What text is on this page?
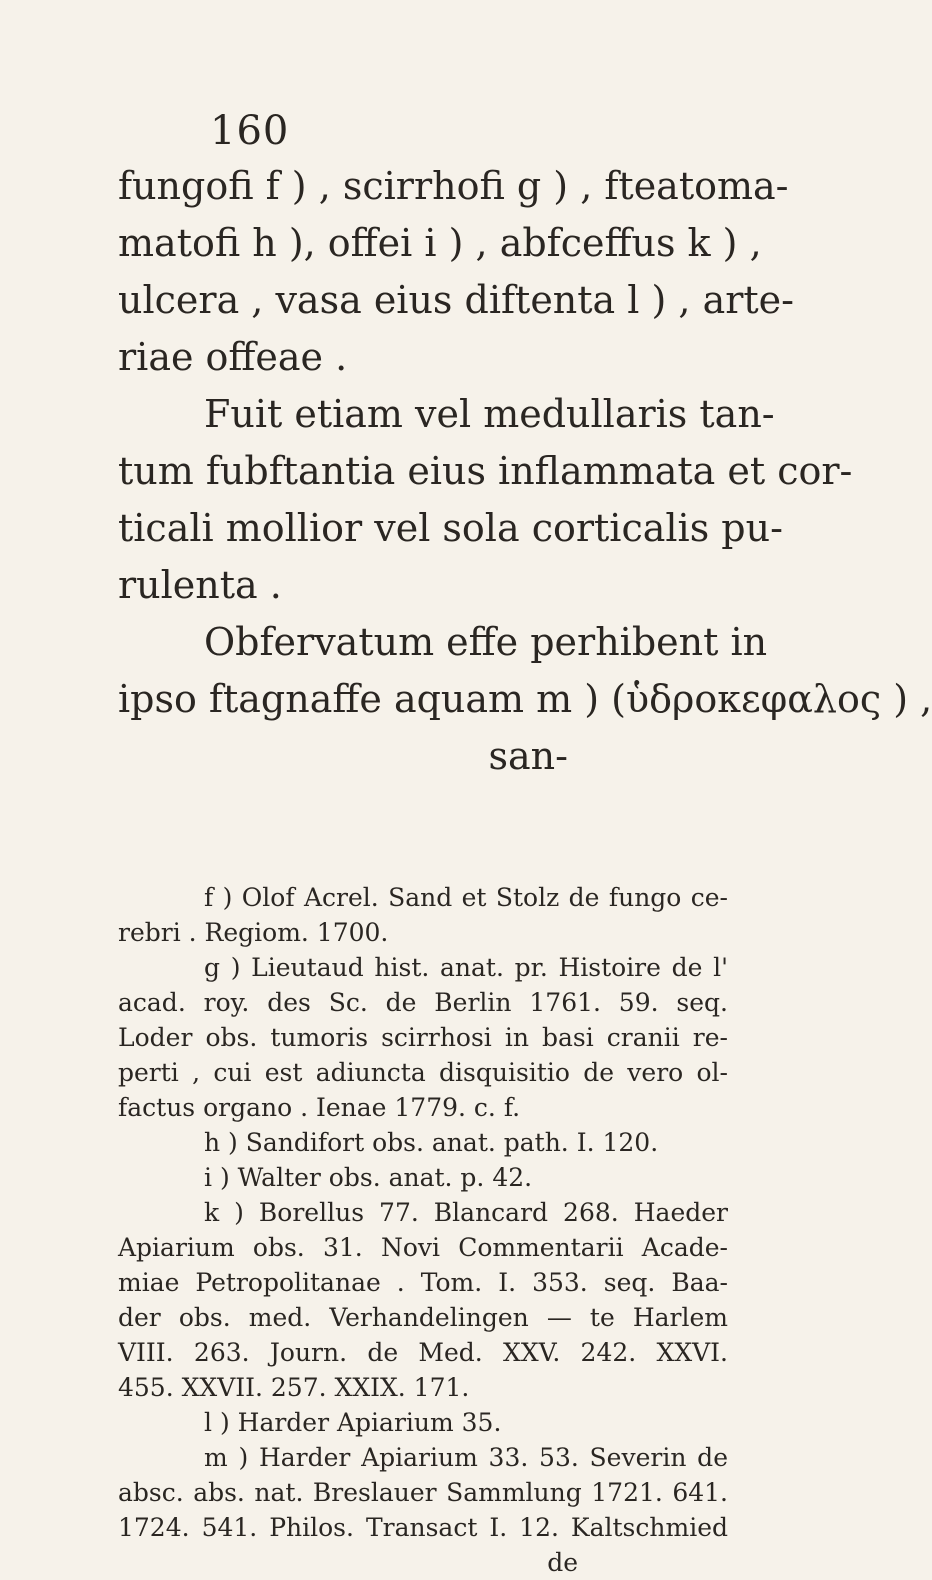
160
fungofi f ) , scirrhofi g ) , fteatoma-
matofi h ), offei i ) , abfceffus k ) ,
ulcera , vasa eius diftenta l ) , arte-
riae offeae .
Fuit etiam vel medullaris tan-
tum fubftantia eius inflammata et cor-
ticali mollior vel sola corticalis pu-
rulenta .
Obfervatum effe perhibent in
ipso ftagnaffe aquam m ) (ὑδροκεφαλος ) ,
san-
f ) Olof Acrel. Sand et Stolz de fungo ce-
rebri . Regiom. 1700.
g ) Lieutaud hist. anat. pr. Histoire de l'
acad. roy. des Sc. de Berlin 1761. 59. seq.
Loder obs. tumoris scirrhosi in basi cranii re-
perti , cui est adiuncta disquisitio de vero ol-
factus organo . Ienae 1779. c. f.
h ) Sandifort obs. anat. path. I. 120.
i ) Walter obs. anat. p. 42.
k ) Borellus 77. Blancard 268. Haeder
Apiarium obs. 31. Novi Commentarii Acade-
miae Petropolitanae . Tom. I. 353. seq. Baa-
der obs. med. Verhandelingen — te Harlem
VIII. 263. Journ. de Med. XXV. 242. XXVI.
455. XXVII. 257. XXIX. 171.
l ) Harder Apiarium 35.
m ) Harder Apiarium 33. 53. Severin de
absc. abs. nat. Breslauer Sammlung 1721. 641.
1724. 541. Philos. Transact I. 12. Kaltschmied
de
